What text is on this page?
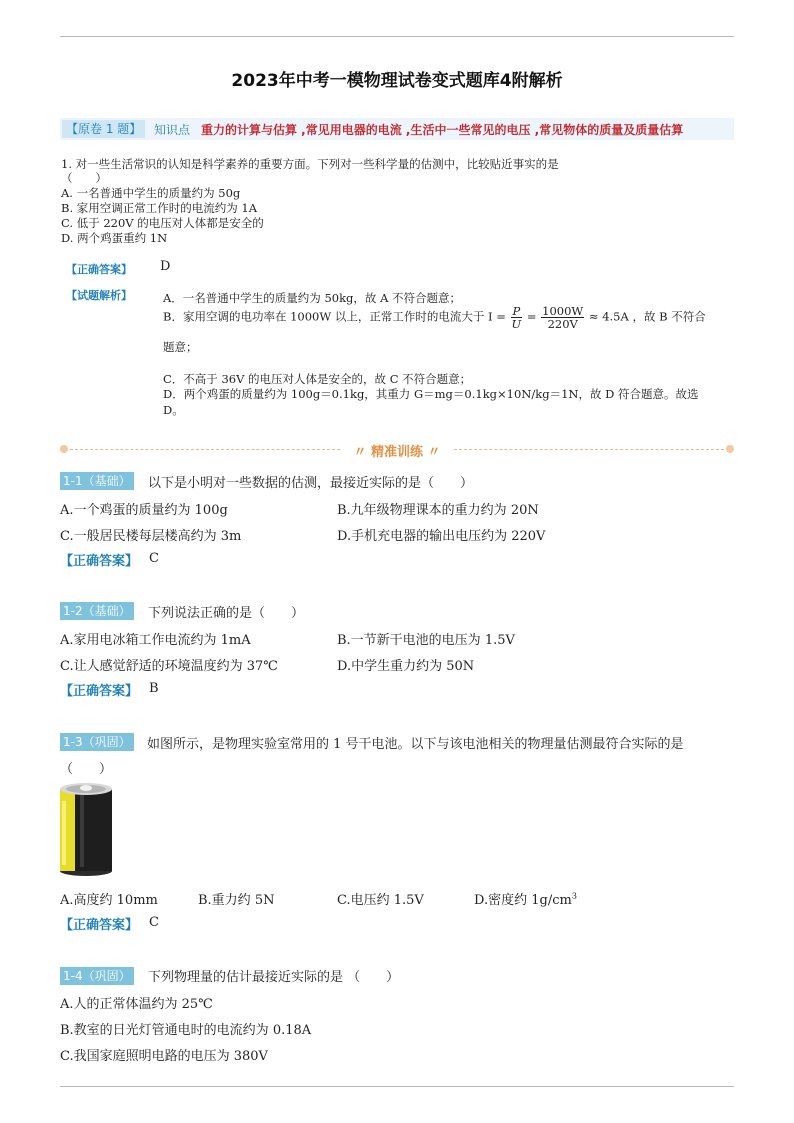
2023年中考一模物理试卷变式题库4附解析
【原卷 1 题】	知识点 重力的计算与估算 ,常见用电器的电流 ,生活中一些常见的电压 ,常见物体的质量及质量估算
1. 对一些生活常识的认知是科学素养的重要方面。下列对一些科学量的估测中，比较贴近事实的是
（　　）
A. 一名普通中学生的质量约为 50g
B. 家用空调正常工作时的电流约为 1A
C. 低于 220V 的电压对人体都是安全的
D. 两个鸡蛋重约 1N
【正确答案】 D
【试题解析】	A．一名普通中学生的质量约为 50kg，故 A 不符合题意；
B．家用空调的电功率在 1000W 以上，正常工作时的电流大于 $I = \frac{P}{U} = \frac{1000W}{220V} \approx 4.5A$ ，故 B 不符合
题意；
C．不高于 36V 的电压对人体是安全的，故 C 不符合题意；
D．两个鸡蛋的质量约为 100g＝0.1kg，其重力 G＝mg＝0.1kg×10N/kg＝1N，故 D 符合题意。故选
D。
〃 精准训练 〃
1-1（基础） 以下是小明对一些数据的估测，最接近实际的是（　　）
A.一个鸡蛋的质量约为 100g	B.九年级物理课本的重力约为 20N
C.一般居民楼每层楼高约为 3m	D.手机充电器的输出电压约为 220V
【正确答案】 C
1-2（基础） 下列说法正确的是（　　）
A.家用电冰箱工作电流约为 1mA	B.一节新干电池的电压为 1.5V
C.让人感觉舒适的环境温度约为 37℃	D.中学生重力约为 50N
【正确答案】 B
1-3（巩固） 如图所示，是物理实验室常用的 1 号干电池。以下与该电池相关的物理量估测最符合实际的是
（　　）
A.高度约 10mm	B.重力约 5N	C.电压约 1.5V	D.密度约 $1g/cm^3$
【正确答案】 C
1-4（巩固） 下列物理量的估计最接近实际的是 （　　）
A.人的正常体温约为 25℃
B.教室的日光灯管通电时的电流约为 0.18A
C.我国家庭照明电路的电压为 380V
